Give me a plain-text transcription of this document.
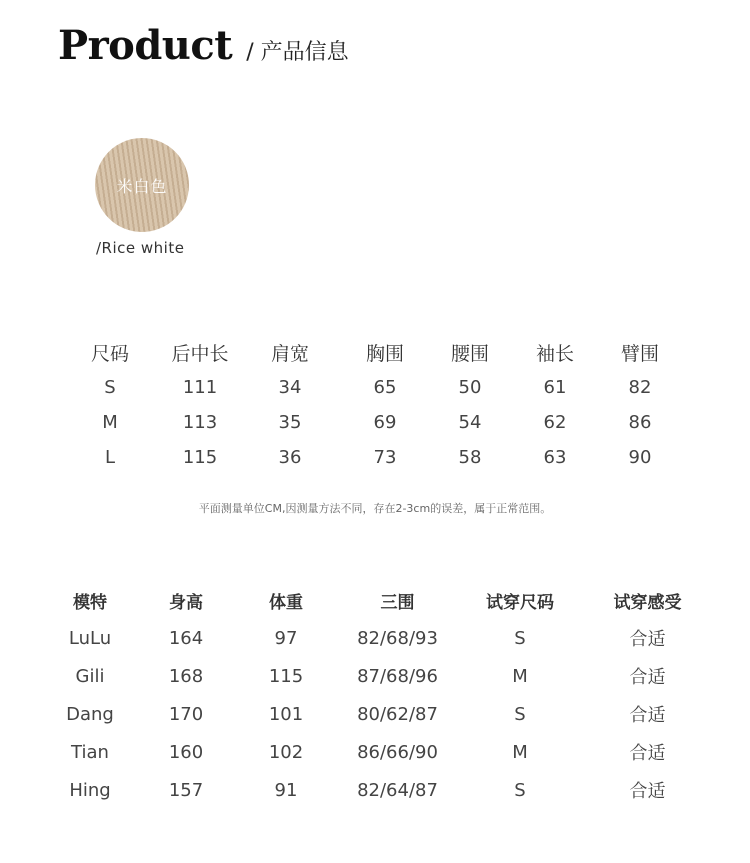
Product / 产品信息
米白色
/Rice white
尺码	后中长	肩宽	胸围	腰围	袖长	臂围
S	111	34	65	50	61	82
M	113	35	69	54	62	86
L	115	36	73	58	63	90
平面测量单位CM,因测量方法不同，存在2-3cm的误差，属于正常范围。
模特	身高	体重	三围	试穿尺码	试穿感受
LuLu	164	97	82/68/93	S	合适
Gili	168	115	87/68/96	M	合适
Dang	170	101	80/62/87	S	合适
Tian	160	102	86/66/90	M	合适
Hing	157	91	82/64/87	S	合适
